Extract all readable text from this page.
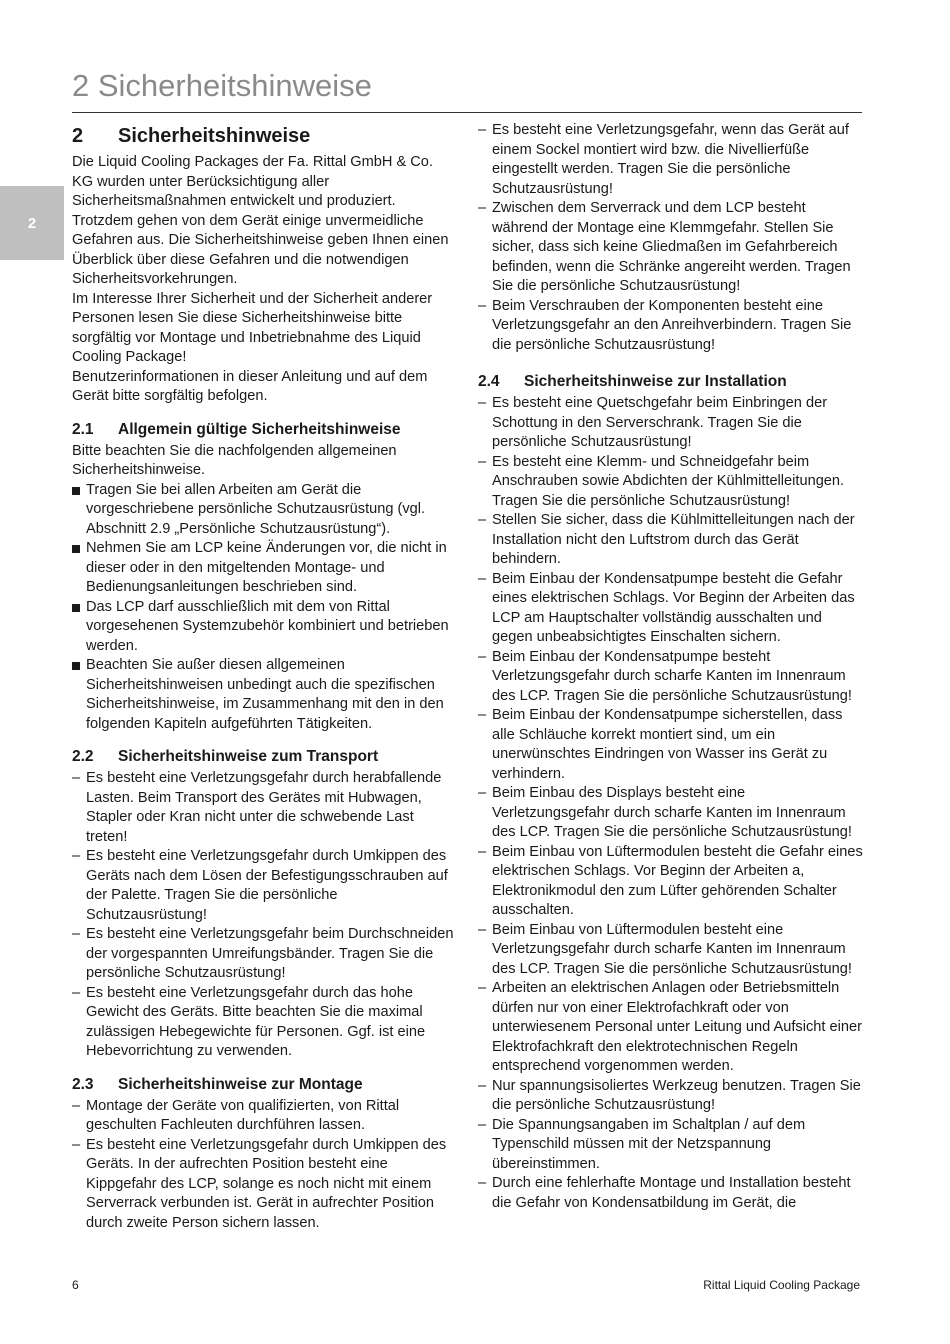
2 Sicherheitshinweise
2
2	Sicherheitshinweise

Die Liquid Cooling Packages der Fa. Rittal GmbH & Co. KG wurden unter Berücksichtigung aller Sicherheitsmaßnahmen entwickelt und produziert. Trotzdem gehen von dem Gerät einige unvermeidliche Gefahren aus. Die Sicherheitshinweise geben Ihnen einen Überblick über diese Gefahren und die notwendigen Sicherheitsvorkehrungen.

Im Interesse Ihrer Sicherheit und der Sicherheit anderer Personen lesen Sie diese Sicherheitshinweise bitte sorgfältig vor Montage und Inbetriebnahme des Liquid Cooling Package!

Benutzerinformationen in dieser Anleitung und auf dem Gerät bitte sorgfältig befolgen.

2.1	Allgemein gültige Sicherheitshinweise

Bitte beachten Sie die nachfolgenden allgemeinen Sicherheitshinweise.

Tragen Sie bei allen Arbeiten am Gerät die vorgeschriebene persönliche Schutzausrüstung (vgl. Abschnitt 2.9 „Persönliche Schutzausrüstung“).
Nehmen Sie am LCP keine Änderungen vor, die nicht in dieser oder in den mitgeltenden Montage- und Bedienungsanleitungen beschrieben sind.
Das LCP darf ausschließlich mit dem von Rittal vorgesehenen Systemzubehör kombiniert und betrieben werden.
Beachten Sie außer diesen allgemeinen Sicherheitshinweisen unbedingt auch die spezifischen Sicherheitshinweise, im Zusammenhang mit den in den folgenden Kapiteln aufgeführten Tätigkeiten.
2.2	Sicherheitshinweise zum Transport
– Es besteht eine Verletzungsgefahr durch herabfallende Lasten. Beim Transport des Gerätes mit Hubwagen, Stapler oder Kran nicht unter die schwebende Last treten!
– Es besteht eine Verletzungsgefahr durch Umkippen des Geräts nach dem Lösen der Befestigungsschrauben auf der Palette. Tragen Sie die persönliche Schutzausrüstung!
– Es besteht eine Verletzungsgefahr beim Durchschneiden der vorgespannten Umreifungsbänder. Tragen Sie die persönliche Schutzausrüstung!
– Es besteht eine Verletzungsgefahr durch das hohe Gewicht des Geräts. Bitte beachten Sie die maximal zulässigen Hebegewichte für Personen. Ggf. ist eine Hebevorrichtung zu verwenden.
2.3	Sicherheitshinweise zur Montage
– Montage der Geräte von qualifizierten, von Rittal geschulten Fachleuten durchführen lassen.
– Es besteht eine Verletzungsgefahr durch Umkippen des Geräts. In der aufrechten Position besteht eine Kippgefahr des LCP, solange es noch nicht mit einem Serverrack verbunden ist. Gerät in aufrechter Position durch zweite Person sichern lassen.
– Es besteht eine Verletzungsgefahr, wenn das Gerät auf einem Sockel montiert wird bzw. die Nivellierfüße eingestellt werden. Tragen Sie die persönliche Schutzausrüstung!
– Zwischen dem Serverrack und dem LCP besteht während der Montage eine Klemmgefahr. Stellen Sie sicher, dass sich keine Gliedmaßen im Gefahrbereich befinden, wenn die Schränke angereiht werden. Tragen Sie die persönliche Schutzausrüstung!
– Beim Verschrauben der Komponenten besteht eine Verletzungsgefahr an den Anreihverbindern. Tragen Sie die persönliche Schutzausrüstung!
2.4	Sicherheitshinweise zur Installation
– Es besteht eine Quetschgefahr beim Einbringen der Schottung in den Serverschrank. Tragen Sie die persönliche Schutzausrüstung!
– Es besteht eine Klemm- und Schneidgefahr beim Anschrauben sowie Abdichten der Kühlmittelleitungen. Tragen Sie die persönliche Schutzausrüstung!
– Stellen Sie sicher, dass die Kühlmittelleitungen nach der Installation nicht den Luftstrom durch das Gerät behindern.
– Beim Einbau der Kondensatpumpe besteht die Gefahr eines elektrischen Schlags. Vor Beginn der Arbeiten das LCP am Hauptschalter vollständig ausschalten und gegen unbeabsichtigtes Einschalten sichern.
– Beim Einbau der Kondensatpumpe besteht Verletzungsgefahr durch scharfe Kanten im Innenraum des LCP. Tragen Sie die persönliche Schutzausrüstung!
– Beim Einbau der Kondensatpumpe sicherstellen, dass alle Schläuche korrekt montiert sind, um ein unerwünschtes Eindringen von Wasser ins Gerät zu verhindern.
– Beim Einbau des Displays besteht eine Verletzungsgefahr durch scharfe Kanten im Innenraum des LCP. Tragen Sie die persönliche Schutzausrüstung!
– Beim Einbau von Lüftermodulen besteht die Gefahr eines elektrischen Schlags. Vor Beginn der Arbeiten a, Elektronikmodul den zum Lüfter gehörenden Schalter ausschalten.
– Beim Einbau von Lüftermodulen besteht eine Verletzungsgefahr durch scharfe Kanten im Innenraum des LCP. Tragen Sie die persönliche Schutzausrüstung!
– Arbeiten an elektrischen Anlagen oder Betriebsmitteln dürfen nur von einer Elektrofachkraft oder von unterwiesenem Personal unter Leitung und Aufsicht einer Elektrofachkraft den elektrotechnischen Regeln entsprechend vorgenommen werden.
– Nur spannungsisoliertes Werkzeug benutzen. Tragen Sie die persönliche Schutzausrüstung!
– Die Spannungsangaben im Schaltplan / auf dem Typenschild müssen mit der Netzspannung übereinstimmen.
– Durch eine fehlerhafte Montage und Installation besteht die Gefahr von Kondensatbildung im Gerät, die
6	Rittal Liquid Cooling Package
